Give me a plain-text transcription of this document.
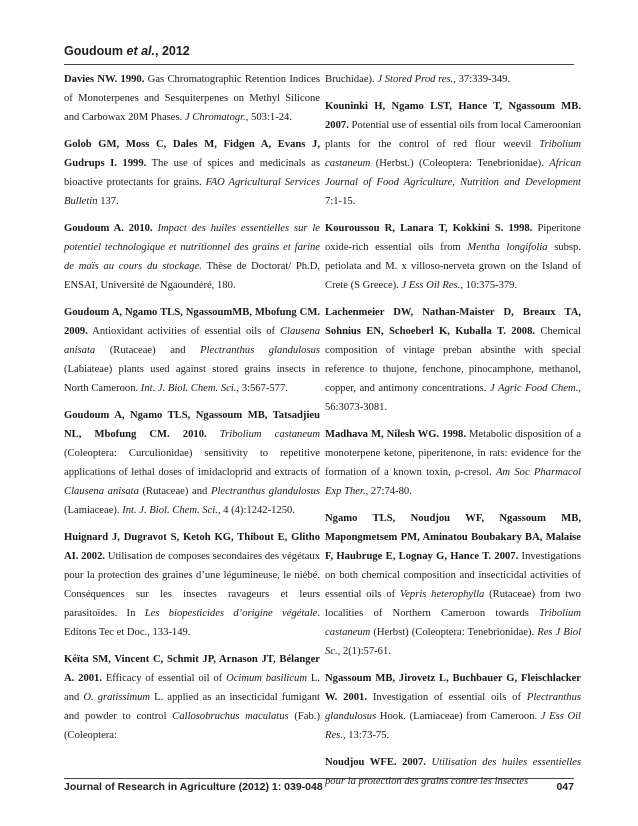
Goudoum et al., 2012

Davies NW. 1990. Gas Chromatographic Retention Indices of Monoterpenes and Sesquiterpenes on Methyl Silicone and Carbowax 20M Phases. J Chromatogr., 503:1-24.

Golob GM, Moss C, Dales M, Fidgen A, Evans J, Gudrups I. 1999. The use of spices and medicinals as bioactive protectants for grains. FAO Agricultural Services Bulletin 137.

Goudoum A. 2010. Impact des huiles essentielles sur le potentiel technologique et nutritionnel des grains et farine de maïs au cours du stockage. Thèse de Doctorat/ Ph.D, ENSAI, Université de Ngaoundéré, 180.

Goudoum A, Ngamo TLS, NgassoumMB, Mbofung CM. 2009. Antioxidant activities of essential oils of Clausena anisata (Rutaceae) and Plectranthus glandulosus (Labiateae) plants used against stored grains insects in North Cameroon. Int. J. Biol. Chem. Sci., 3:567-577.

Goudoum A, Ngamo TLS, Ngassoum MB, Tatsadjieu NL, Mbofung CM. 2010. Tribolium castaneum (Coleoptera: Curculionidae) sensitivity to repetitive applications of lethal doses of imidacloprid and extracts of Clausena anisata (Rutaceae) and Plectranthus glandulosus (Lamiaceae). Int. J. Biol. Chem. Sci., 4 (4):1242-1250.

Huignard J, Dugravot S, Ketoh KG, Thibout E, Glitho AI. 2002. Utilisation de composes secondaires des végétaux pour la protection des graines d’une légumineuse, le niébé. Conséquences sur les insectes ravageurs et leurs parasitoïdes. In Les biopesticides d’origine végétale. Editons Tec et Doc., 133-149.

Kéïta SM, Vincent C, Schmit JP, Arnason JT, Bélanger A. 2001. Efficacy of essential oil of Ocimum basilicum L. and O. gratissimum L. applied as an insecticidal fumigant and powder to control Callosobruchus maculatus (Fab.) (Coleoptera:

Bruchidae). J Stored Prod res., 37:339-349.

Kouninki H, Ngamo LST, Hance T, Ngassoum MB. 2007. Potential use of essential oils from local Cameroonian plants for the control of red flour weevil Tribolium castaneum (Herbst.) (Coleoptera: Tenebrionidae). African Journal of Food Agriculture, Nutrition and Development 7:1-15.

Kouroussou R, Lanara T, Kokkini S. 1998. Piperitone oxide-rich essential oils from Mentha longifolia subsp. petiolata and M. x villoso-nerveta grown on the Island of Crete (S Greece). J Ess Oil Res., 10:375-379.

Lachenmeier DW, Nathan-Maister D, Breaux TA, Sohnius EN, Schoeberl K, Kuballa T. 2008. Chemical composition of vintage preban absinthe with special reference to thujone, fenchone, pinocamphone, methanol, copper, and antimony concentrations. J Agric Food Chem., 56:3073-3081.

Madhava M, Nilesh WG. 1998. Metabolic disposition of a monoterpene ketone, piperitenone, in rats: evidence for the formation of a known toxin, ρ-cresol. Am Soc Pharmacol Exp Ther., 27:74-80.

Ngamo TLS, Noudjou WF, Ngassoum MB, Mapongmetsem PM, Aminatou Boubakary BA, Malaise F, Haubruge E, Lognay G, Hance T. 2007. Investigations on both chemical composition and insecticidal activities of essential oils of Vepris heterophylla (Rutaceae) from two localities of Northern Cameroon towards Tribolium castaneum (Herbst) (Coleoptera: Tenebrionidae). Res J Biol Sc., 2(1):57-61.

Ngassoum MB, Jirovetz L, Buchbauer G, Fleischlacker W. 2001. Investigation of essential oils of Plectranthus glandulosus Hook. (Lamiaceae) from Cameroon. J Ess Oil Res., 13:73-75.

Noudjou WFE. 2007. Utilisation des huiles essentielles pour la protection des grains contre les insectes

Journal of Research in Agriculture (2012) 1: 039-048	047
